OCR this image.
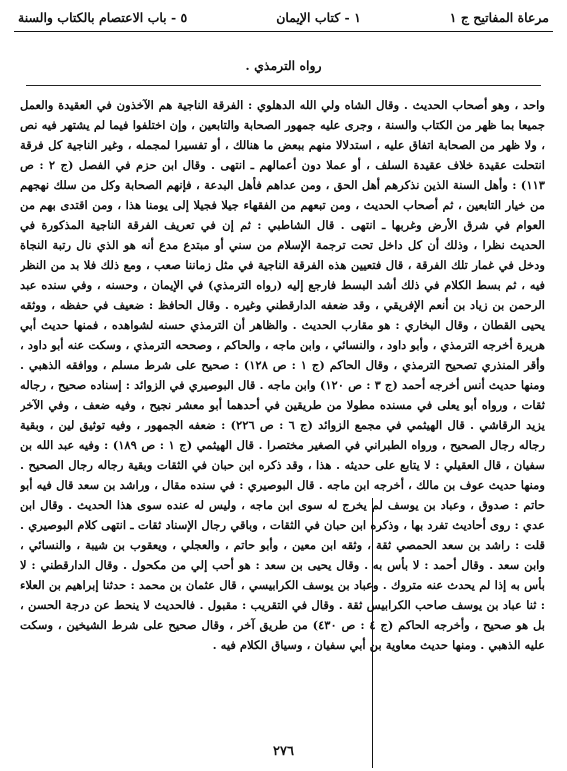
مرعاة المفاتيح ج ١
١ - كتاب الإيمان
٥ - باب الاعتصام بالكتاب والسنة
رواه الترمذي .

واحد ، وهو أصحاب الحديث . وقال الشاه ولي الله الدهلوي : الفرقة الناجية هم الآخذون في العقيدة والعمل جميعا بما ظهر من الكتاب والسنة ، وجرى عليه جمهور الصحابة والتابعين ، وإن اختلفوا فيما لم يشتهر فيه نص ، ولا ظهر من الصحابة اتفاق عليه ، استدلالا منهم ببعض ما هنالك ، أو تفسيرا لمجمله ، وغير الناجية كل فرقة انتحلت عقيدة خلاف عقيدة السلف ، أو عملا دون أعمالهم ـ انتهى . وقال ابن حزم في الفصل (ج ٢ : ص ١١٣) : وأهل السنة الذين نذكرهم أهل الحق ، ومن عداهم فأهل البدعة ، فإنهم الصحابة وكل من سلك نهجهم من خيار التابعين ، ثم أصحاب الحديث ، ومن تبعهم من الفقهاء جيلا فجيلا إلى يومنا هذا ، ومن اقتدى بهم من العوام في شرق الأرض وغربها ـ انتهى . قال الشاطبي : ثم إن في تعريف الفرقة الناجية المذكورة في الحديث نظرا ، وذلك أن كل داخل تحت ترجمة الإسلام من سني أو مبتدع مدع أنه هو الذي نال رتبة النجاة ودخل في غمار تلك الفرقة ، قال فتعيين هذه الفرقة الناجية في مثل زماننا صعب ، ومع ذلك فلا بد من النظر فيه ، ثم بسط الكلام في ذلك أشد البسط فارجع إليه (رواه الترمذي) في الإيمان ، وحسنه ، وفي سنده عبد الرحمن بن زياد بن أنعم الإفريقي ، وقد ضعفه الدارقطني وغيره . وقال الحافظ : ضعيف في حفظه ، ووثقه يحيى القطان ، وقال البخاري : هو مقارب الحديث . والظاهر أن الترمذي حسنه لشواهده ، فمنها حديث أبي هريرة أخرجه الترمذي ، وأبو داود ، والنسائي ، وابن ماجه ، والحاكم ، وصححه الترمذي ، وسكت عنه أبو داود ، وأقر المنذري تصحيح الترمذي ، وقال الحاكم (ج ١ : ص ١٢٨) : صحيح على شرط مسلم ، ووافقه الذهبي . ومنها حديث أنس أخرجه أحمد (ج ٣ : ص ١٢٠) وابن ماجه . قال البوصيري في الزوائد : إسناده صحيح ، رجاله ثقات ، ورواه أبو يعلى في مسنده مطولا من طريقين في أحدهما أبو معشر نجيح ، وفيه ضعف ، وفي الآخر يزيد الرقاشي . قال الهيثمي في مجمع الزوائد (ج ٦ : ص ٢٢٦) : ضعفه الجمهور ، وفيه توثيق لين ، وبقية رجاله رجال الصحيح ، ورواه الطبراني في الصغير مختصرا . قال الهيثمي (ج ١ : ص ١٨٩) : وفيه عبد الله بن سفيان ، قال العقيلي : لا يتابع على حديثه . هذا ، وقد ذكره ابن حبان في الثقات وبقية رجاله رجال الصحيح . ومنها حديث عوف بن مالك ، أخرجه ابن ماجه . قال البوصيري : في سنده مقال ، وراشد بن سعد قال فيه أبو حاتم : صدوق ، وعباد بن يوسف لم يخرج له سوى ابن ماجه ، وليس له عنده سوى هذا الحديث . وقال ابن عدي : روى أحاديث تفرد بها ، وذكره ابن حبان في الثقات ، وباقي رجال الإسناد ثقات ـ انتهى كلام البوصيري . قلت : راشد بن سعد الحمصي ثقة ، وثقه ابن معين ، وأبو حاتم ، والعجلي ، ويعقوب بن شيبة ، والنسائي ، وابن سعد . وقال أحمد : لا بأس به . وقال يحيى بن سعد : هو أحب إلي من مكحول . وقال الدارقطني : لا بأس به إذا لم يحدث عنه متروك . وعباد بن يوسف الكرابيسي ، قال عثمان بن محمد : حدثنا إبراهيم بن العلاء : ثنا عباد بن يوسف صاحب الكرابيس ثقة . وقال في التقريب : مقبول . فالحديث لا ينحط عن درجة الحسن ، بل هو صحيح ، وأخرجه الحاكم (ج ٤ : ص ٤٣٠) من طريق آخر ، وقال صحيح على شرط الشيخين ، وسكت عليه الذهبي . ومنها حديث معاوية بن أبي سفيان ، وسياق الكلام فيه .

٢٧٦
